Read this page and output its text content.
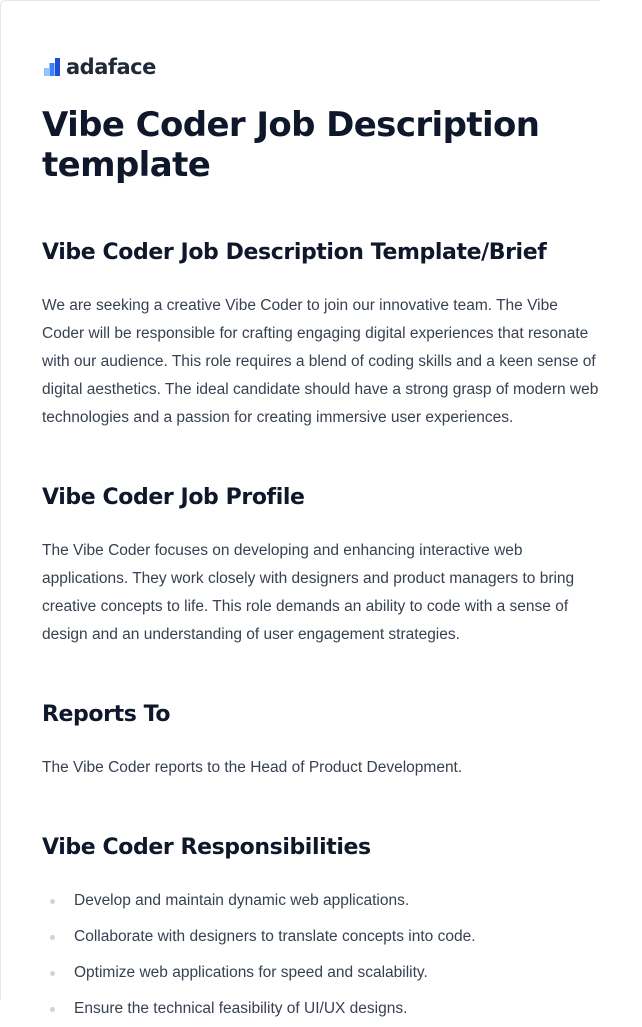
adaface
Vibe Coder Job Description template
Vibe Coder Job Description Template/Brief

We are seeking a creative Vibe Coder to join our innovative team. The Vibe
Coder will be responsible for crafting engaging digital experiences that resonate
with our audience. This role requires a blend of coding skills and a keen sense of
digital aesthetics. The ideal candidate should have a strong grasp of modern web
technologies and a passion for creating immersive user experiences.

Vibe Coder Job Profile

The Vibe Coder focuses on developing and enhancing interactive web
applications. They work closely with designers and product managers to bring
creative concepts to life. This role demands an ability to code with a sense of
design and an understanding of user engagement strategies.

Reports To

The Vibe Coder reports to the Head of Product Development.

Vibe Coder Responsibilities
Develop and maintain dynamic web applications.
Collaborate with designers to translate concepts into code.
Optimize web applications for speed and scalability.
Ensure the technical feasibility of UI/UX designs.
